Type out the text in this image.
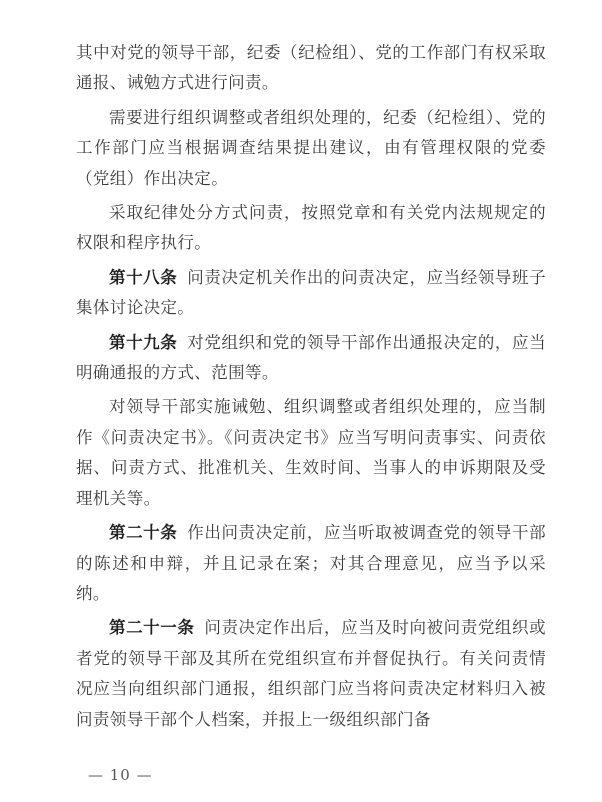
其中对党的领导干部，纪委（纪检组）、党的工作部门有权采取通报、诫勉方式进行问责。

需要进行组织调整或者组织处理的，纪委（纪检组）、党的工作部门应当根据调查结果提出建议，由有管理权限的党委（党组）作出决定。

采取纪律处分方式问责，按照党章和有关党内法规规定的权限和程序执行。

第十八条 问责决定机关作出的问责决定，应当经领导班子集体讨论决定。

第十九条 对党组织和党的领导干部作出通报决定的，应当明确通报的方式、范围等。

对领导干部实施诫勉、组织调整或者组织处理的，应当制作《问责决定书》。《问责决定书》应当写明问责事实、问责依据、问责方式、批准机关、生效时间、当事人的申诉期限及受理机关等。

第二十条 作出问责决定前，应当听取被调查党的领导干部的陈述和申辩，并且记录在案；对其合理意见，应当予以采纳。

第二十一条 问责决定作出后，应当及时向被问责党组织或者党的领导干部及其所在党组织宣布并督促执行。有关问责情况应当向组织部门通报，组织部门应当将问责决定材料归入被问责领导干部个人档案，并报上一级组织部门备

— 10 —
